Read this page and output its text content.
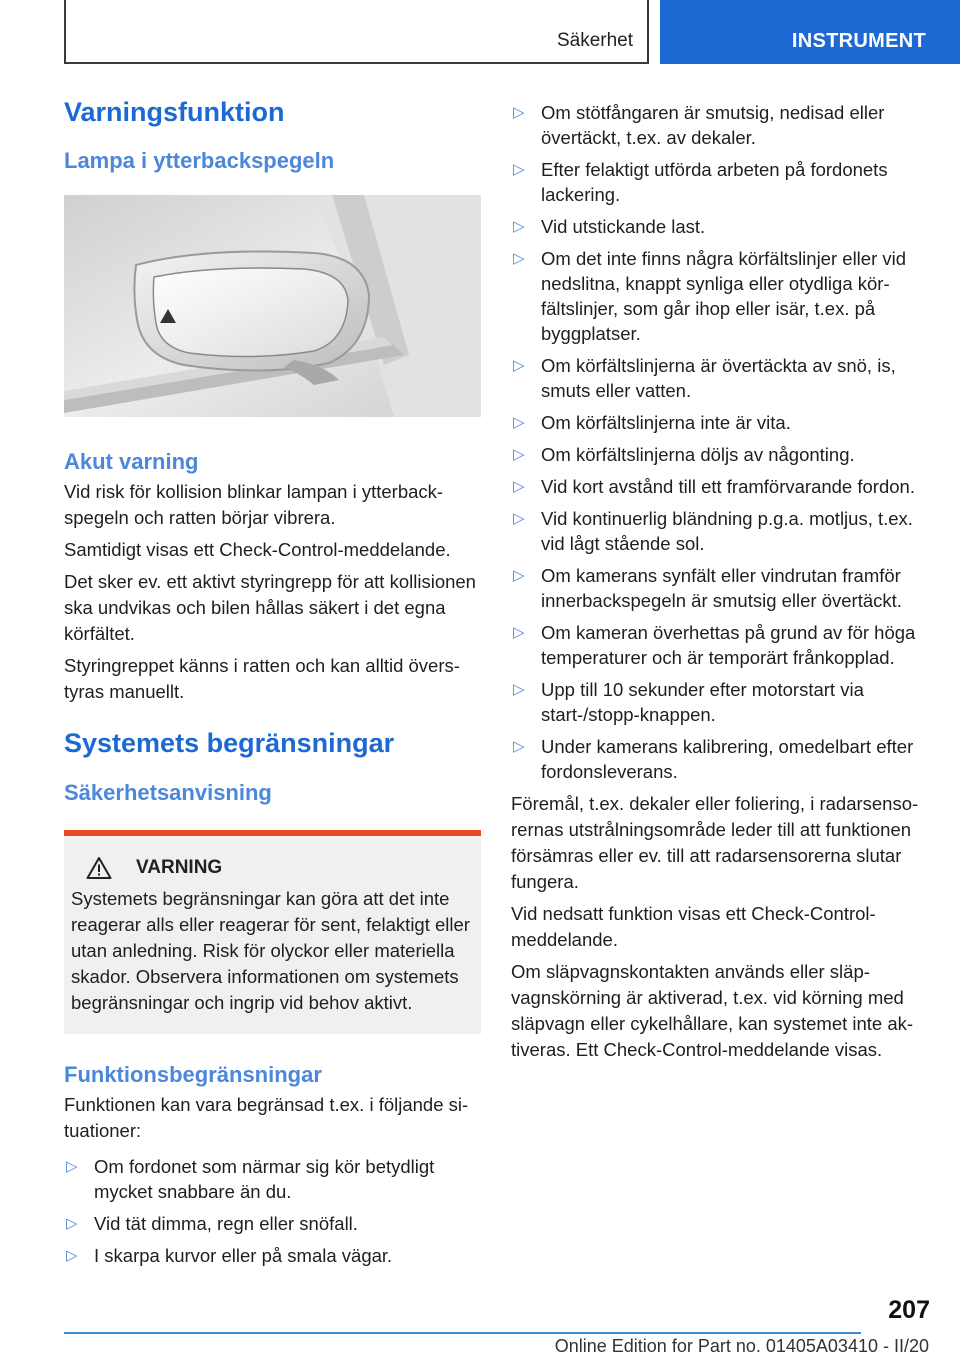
Säkerhet	INSTRUMENT
Varningsfunktion
Lampa i ytterbackspegeln
Akut varning

Vid risk för kollision blinkar lampan i ytterbackspegeln och ratten börjar vibrera.

Samtidigt visas ett Check-Control-meddelande.

Det sker ev. ett aktivt styringrepp för att kollisionen ska undvikas och bilen hållas säkert i det egna körfältet.

Styringreppet känns i ratten och kan alltid överstyras manuellt.

Systemets begränsningar
Säkerhetsanvisning
VARNING

Systemets begränsningar kan göra att det inte reagerar alls eller reagerar för sent, felaktigt eller utan anledning. Risk för olyckor eller materiella skador. Observera informationen om systemets begränsningar och ingrip vid behov aktivt.

Funktionsbegränsningar

Funktionen kan vara begränsad t.ex. i följande situationer:

▷ Om fordonet som närmar sig kör betydligt mycket snabbare än du.
▷ Vid tät dimma, regn eller snöfall.
▷ I skarpa kurvor eller på smala vägar.
▷ Om stötfångaren är smutsig, nedisad eller övertäckt, t.ex. av dekaler.
▷ Efter felaktigt utförda arbeten på fordonets lackering.
▷ Vid utstickande last.
▷ Om det inte finns några körfältslinjer eller vid nedslitna, knappt synliga eller otydliga körfältslinjer, som går ihop eller isär, t.ex. på byggplatser.
▷ Om körfältslinjerna är övertäckta av snö, is, smuts eller vatten.
▷ Om körfältslinjerna inte är vita.
▷ Om körfältslinjerna döljs av någonting.
▷ Vid kort avstånd till ett framförvarande fordon.
▷ Vid kontinuerlig bländning p.g.a. motljus, t.ex. vid lågt stående sol.
▷ Om kamerans synfält eller vindrutan framför innerbackspegeln är smutsig eller övertäckt.
▷ Om kameran överhettas på grund av för höga temperaturer och är temporärt frånkopplad.
▷ Upp till 10 sekunder efter motorstart via start-/stopp-knappen.
▷ Under kamerans kalibrering, omedelbart efter fordonsleverans.

Föremål, t.ex. dekaler eller foliering, i radarsensorernas utstrålningsområde leder till att funktionen försämras eller ev. till att radarsensorerna slutar fungera.

Vid nedsatt funktion visas ett Check-Control-meddelande.

Om släpvagnskontakten används eller släpvagnskörning är aktiverad, t.ex. vid körning med släpvagn eller cykelhållare, kan systemet inte aktiveras. Ett Check-Control-meddelande visas.

207
Online Edition for Part no. 01405A03410 - II/20
